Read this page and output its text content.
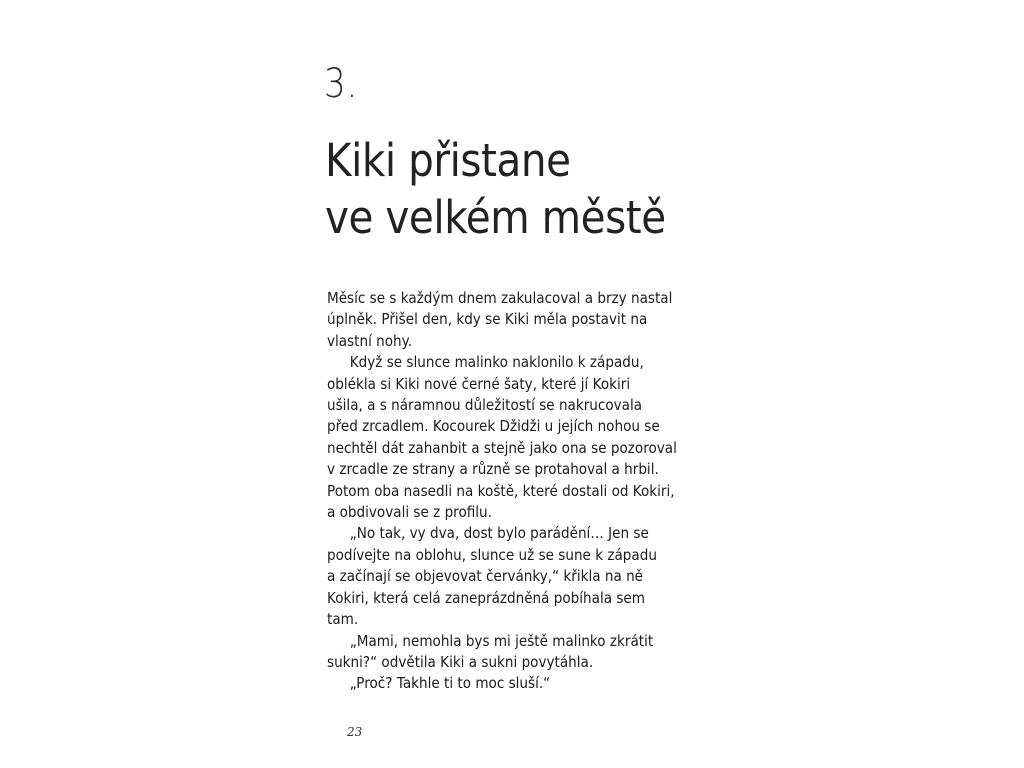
3.
Kiki přistane
ve velkém městě
Měsíc se s každým dnem zakulacoval a brzy nastal
úplněk. Přišel den, kdy se Kiki měla postavit na
vlastní nohy.
Když se slunce malinko naklonilo k západu,
oblékla si Kiki nové černé šaty, které jí Kokiri
ušila, a s náramnou důležitostí se nakrucovala
před zrcadlem. Kocourek Džidži u jejích nohou se
nechtěl dát zahanbit a stejně jako ona se pozoroval
v zrcadle ze strany a různě se protahoval a hrbil.
Potom oba nasedli na koště, které dostali od Kokiri,
a obdivovali se z profilu.
„No tak, vy dva, dost bylo parádění… Jen se
podívejte na oblohu, slunce už se sune k západu
a začínají se objevovat červánky,“ křikla na ně
Kokiri, která celá zaneprázdněná pobíhala sem
tam.
„Mami, nemohla bys mi ještě malinko zkrátit
sukni?“ odvětila Kiki a sukni povytáhla.
„Proč? Takhle ti to moc sluší.“
23
